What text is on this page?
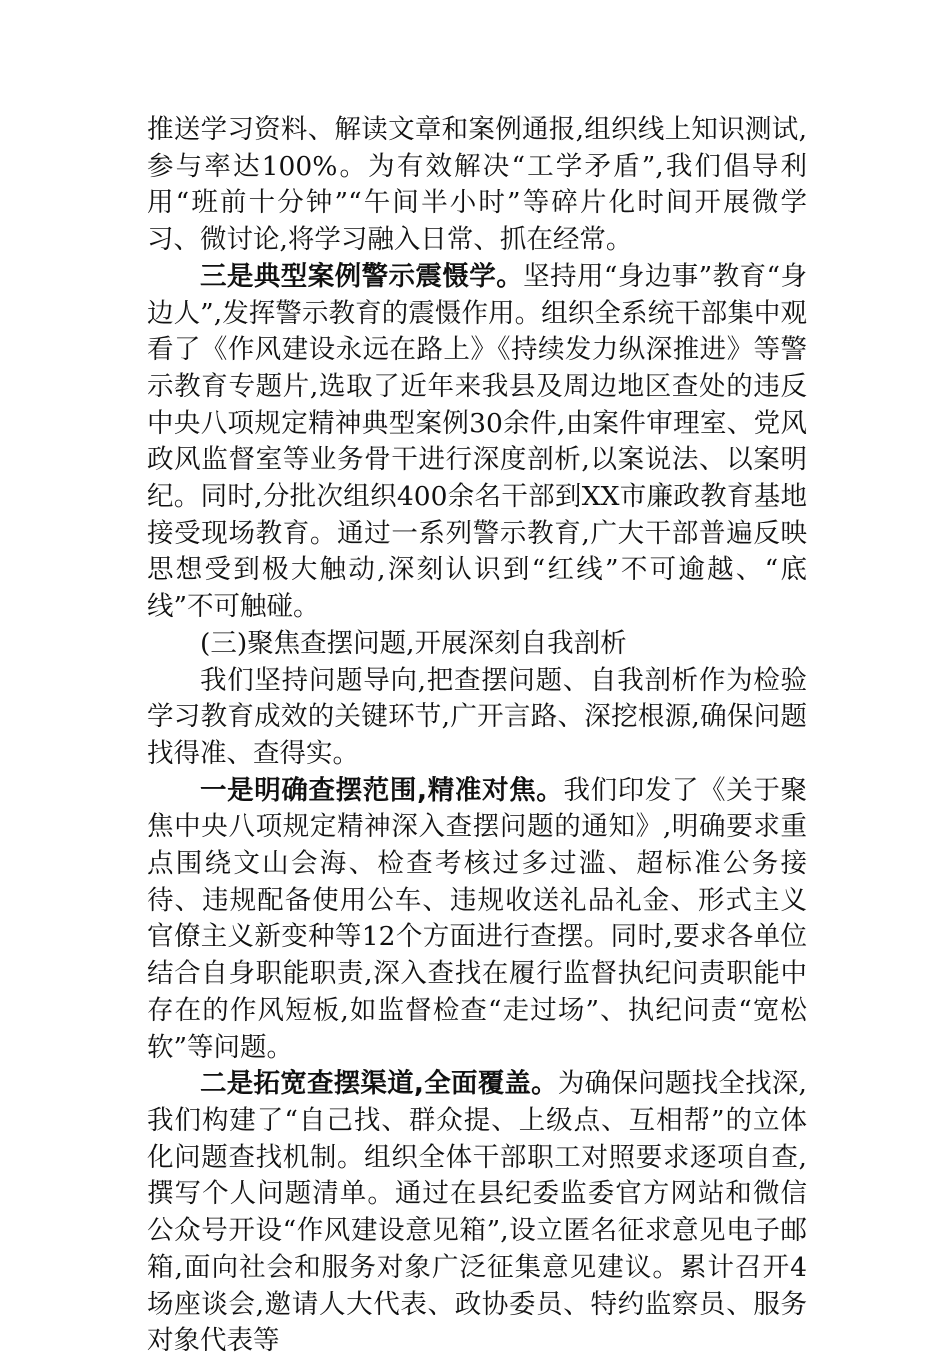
推送学习资料、解读文章和案例通报,组织线上知识测试,参与率达100%。为有效解决“工学矛盾”,我们倡导利用“班前十分钟”“午间半小时”等碎片化时间开展微学习、微讨论,将学习融入日常、抓在经常。

三是典型案例警示震慑学。坚持用“身边事”教育“身边人”,发挥警示教育的震慑作用。组织全系统干部集中观看了《作风建设永远在路上》《持续发力纵深推进》等警示教育专题片,选取了近年来我县及周边地区查处的违反中央八项规定精神典型案例30余件,由案件审理室、党风政风监督室等业务骨干进行深度剖析,以案说法、以案明纪。同时,分批次组织400余名干部到XX市廉政教育基地接受现场教育。通过一系列警示教育,广大干部普遍反映思想受到极大触动,深刻认识到“红线”不可逾越、“底线”不可触碰。

(三)聚焦查摆问题,开展深刻自我剖析

我们坚持问题导向,把查摆问题、自我剖析作为检验学习教育成效的关键环节,广开言路、深挖根源,确保问题找得准、查得实。

一是明确查摆范围,精准对焦。我们印发了《关于聚焦中央八项规定精神深入查摆问题的通知》,明确要求重点围绕文山会海、检查考核过多过滥、超标准公务接待、违规配备使用公车、违规收送礼品礼金、形式主义官僚主义新变种等12个方面进行查摆。同时,要求各单位结合自身职能职责,深入查找在履行监督执纪问责职能中存在的作风短板,如监督检查“走过场”、执纪问责“宽松软”等问题。

二是拓宽查摆渠道,全面覆盖。为确保问题找全找深,我们构建了“自己找、群众提、上级点、互相帮”的立体化问题查找机制。组织全体干部职工对照要求逐项自查,撰写个人问题清单。通过在县纪委监委官方网站和微信公众号开设“作风建设意见箱”,设立匿名征求意见电子邮箱,面向社会和服务对象广泛征集意见建议。累计召开4场座谈会,邀请人大代表、政协委员、特约监察员、服务对象代表等
